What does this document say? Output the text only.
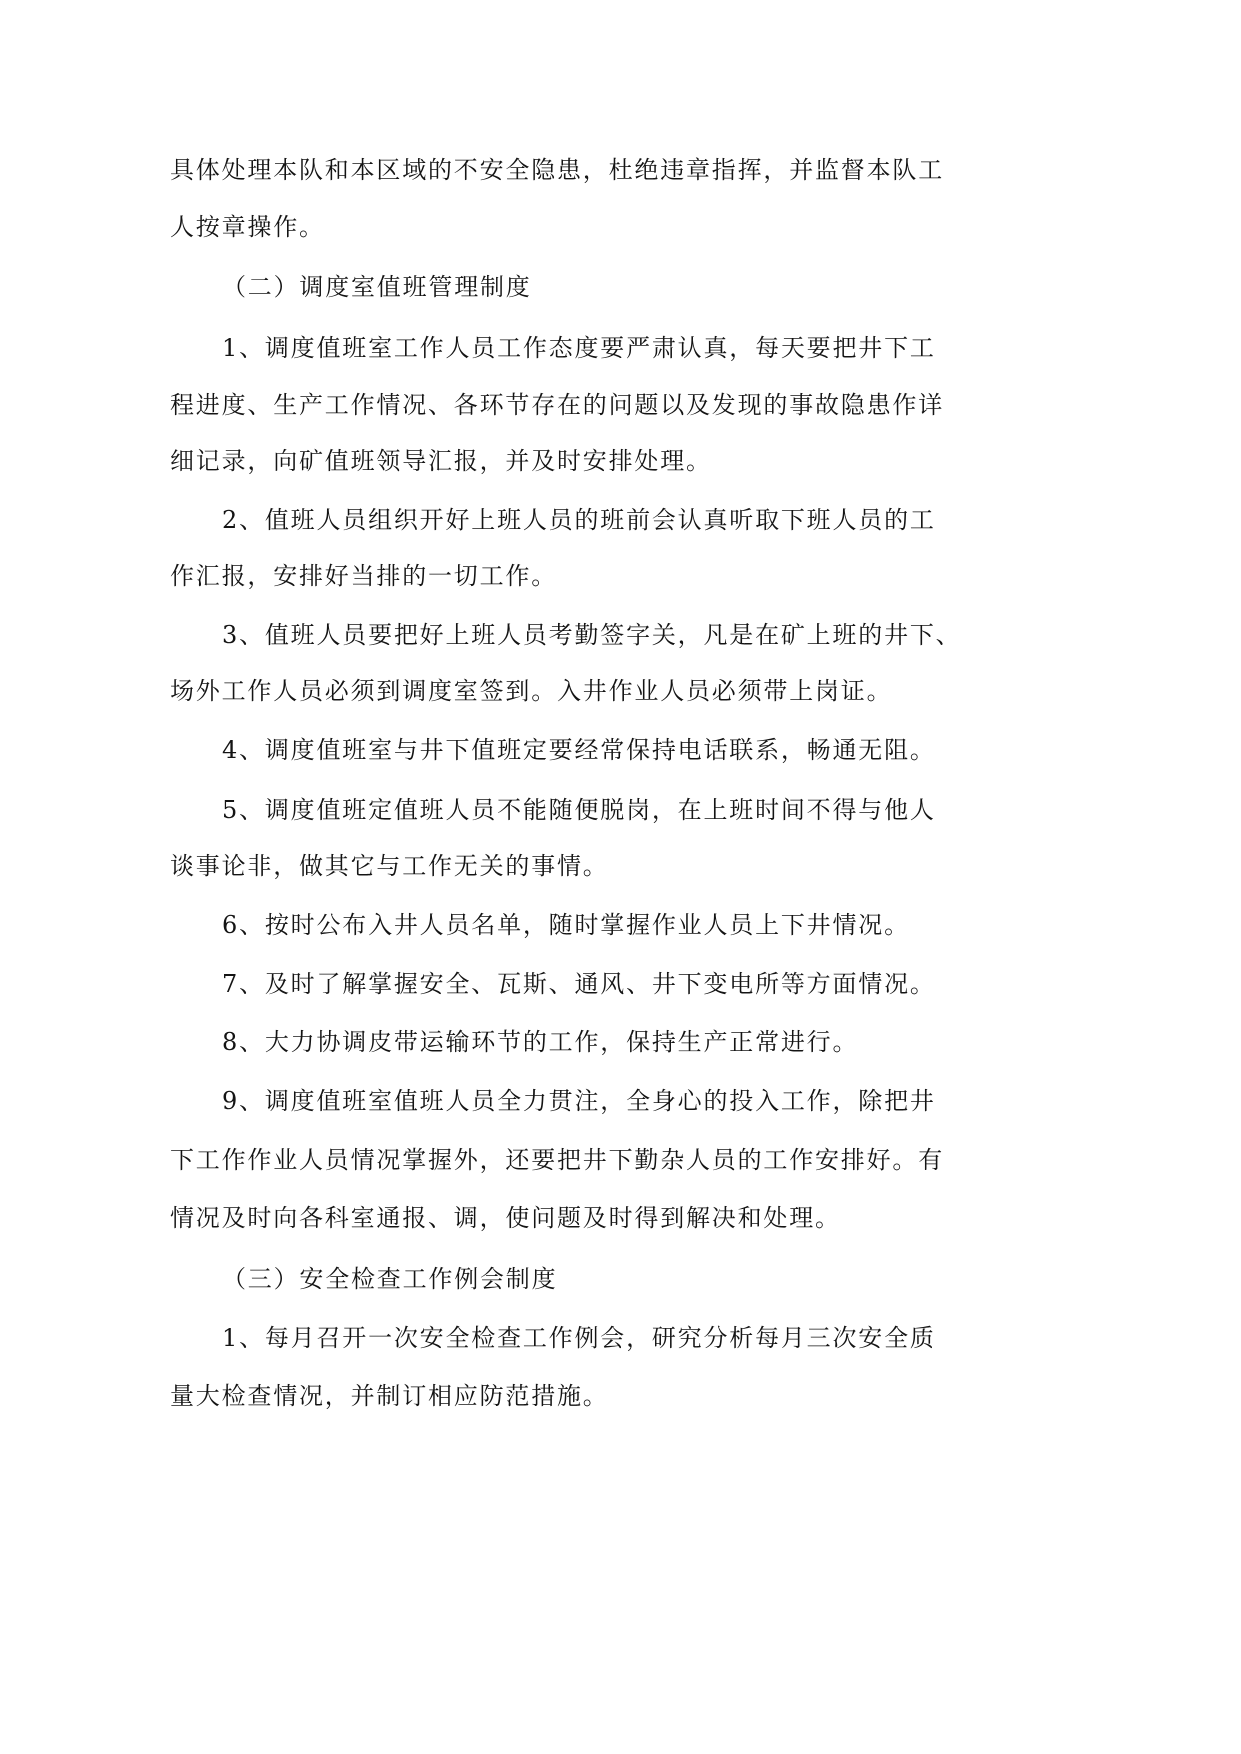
具体处理本队和本区域的不安全隐患，杜绝违章指挥，并监督本队工
人按章操作。
（二）调度室值班管理制度
1、调度值班室工作人员工作态度要严肃认真，每天要把井下工
程进度、生产工作情况、各环节存在的问题以及发现的事故隐患作详
细记录，向矿值班领导汇报，并及时安排处理。
2、值班人员组织开好上班人员的班前会认真听取下班人员的工
作汇报，安排好当排的一切工作。
3、值班人员要把好上班人员考勤签字关，凡是在矿上班的井下、
场外工作人员必须到调度室签到。入井作业人员必须带上岗证。
4、调度值班室与井下值班定要经常保持电话联系，畅通无阻。
5、调度值班定值班人员不能随便脱岗，在上班时间不得与他人
谈事论非，做其它与工作无关的事情。
6、按时公布入井人员名单，随时掌握作业人员上下井情况。
7、及时了解掌握安全、瓦斯、通风、井下变电所等方面情况。
8、大力协调皮带运输环节的工作，保持生产正常进行。
9、调度值班室值班人员全力贯注，全身心的投入工作，除把井
下工作作业人员情况掌握外，还要把井下勤杂人员的工作安排好。有
情况及时向各科室通报、调，使问题及时得到解决和处理。
（三）安全检查工作例会制度
1、每月召开一次安全检查工作例会，研究分析每月三次安全质
量大检查情况，并制订相应防范措施。
